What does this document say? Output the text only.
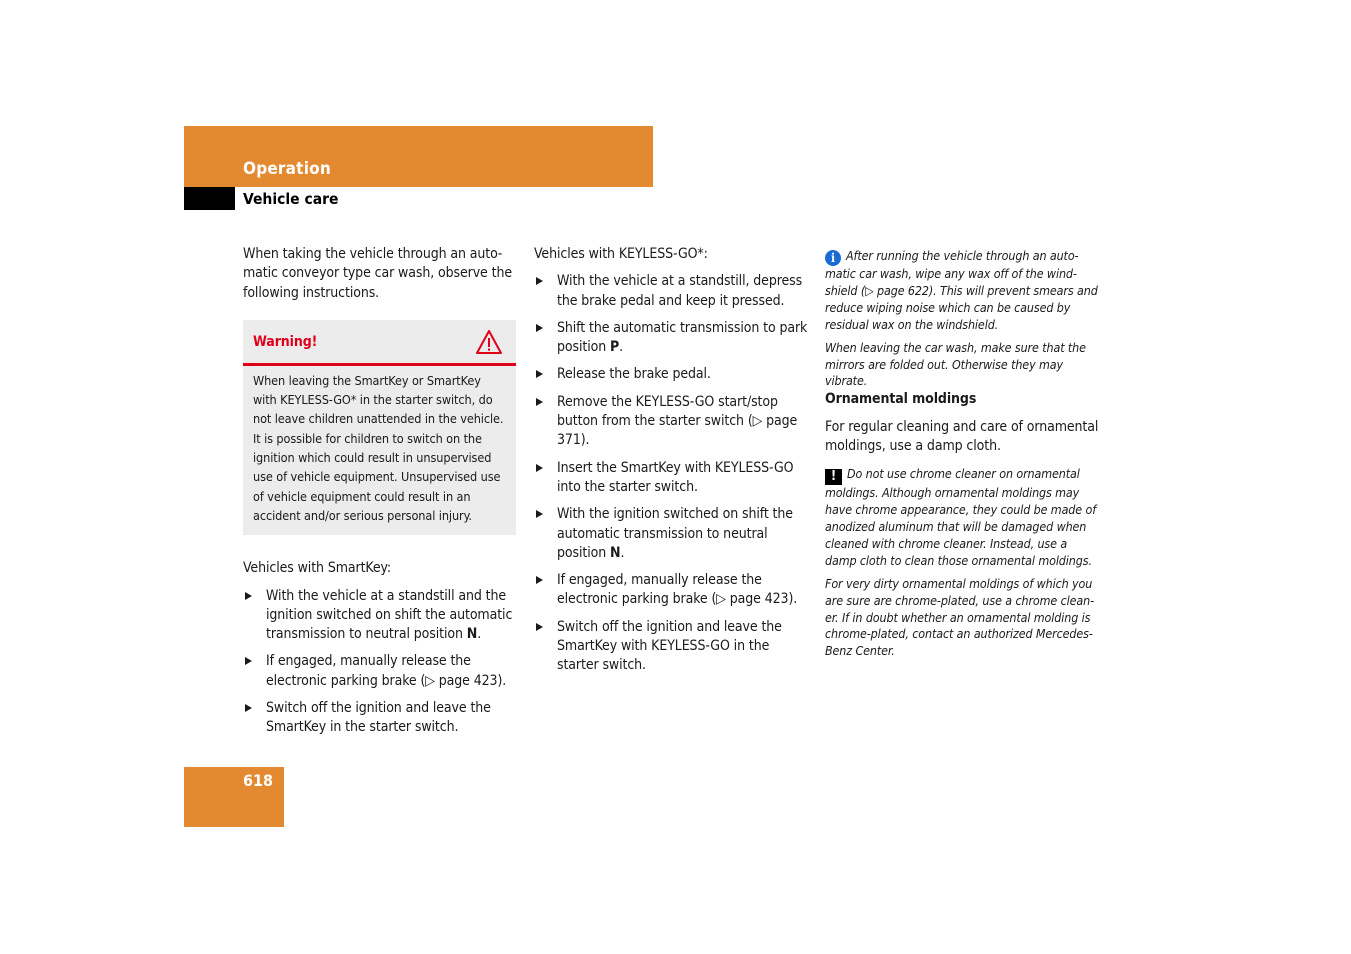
Operation
Vehicle care

When taking the vehicle through an automatic conveyor type car wash, observe the following instructions.

Warning!
When leaving the SmartKey or SmartKey with KEYLESS-GO* in the starter switch, do not leave children unattended in the vehicle. It is possible for children to switch on the ignition which could result in unsupervised use of vehicle equipment. Unsupervised use of vehicle equipment could result in an accident and/or serious personal injury.

Vehicles with SmartKey:

With the vehicle at a standstill and the ignition switched on shift the automatic transmission to neutral position N.
If engaged, manually release the electronic parking brake (▷ page 423).
Switch off the ignition and leave the SmartKey in the starter switch.

Vehicles with KEYLESS-GO*:

With the vehicle at a standstill, depress the brake pedal and keep it pressed.
Shift the automatic transmission to park position P.
Release the brake pedal.
Remove the KEYLESS-GO start/stop button from the starter switch (▷ page 371).
Insert the SmartKey with KEYLESS-GO into the starter switch.
With the ignition switched on shift the automatic transmission to neutral position N.
If engaged, manually release the electronic parking brake (▷ page 423).
Switch off the ignition and leave the SmartKey with KEYLESS-GO in the starter switch.

i After running the vehicle through an automatic car wash, wipe any wax off of the windshield (▷ page 622). This will prevent smears and reduce wiping noise which can be caused by residual wax on the windshield.

When leaving the car wash, make sure that the mirrors are folded out. Otherwise they may vibrate.

Ornamental moldings

For regular cleaning and care of ornamental moldings, use a damp cloth.

! Do not use chrome cleaner on ornamental moldings. Although ornamental moldings may have chrome appearance, they could be made of anodized aluminum that will be damaged when cleaned with chrome cleaner. Instead, use a damp cloth to clean those ornamental moldings.

For very dirty ornamental moldings of which you are sure are chrome-plated, use a chrome cleaner. If in doubt whether an ornamental molding is chrome-plated, contact an authorized Mercedes-Benz Center.

618
